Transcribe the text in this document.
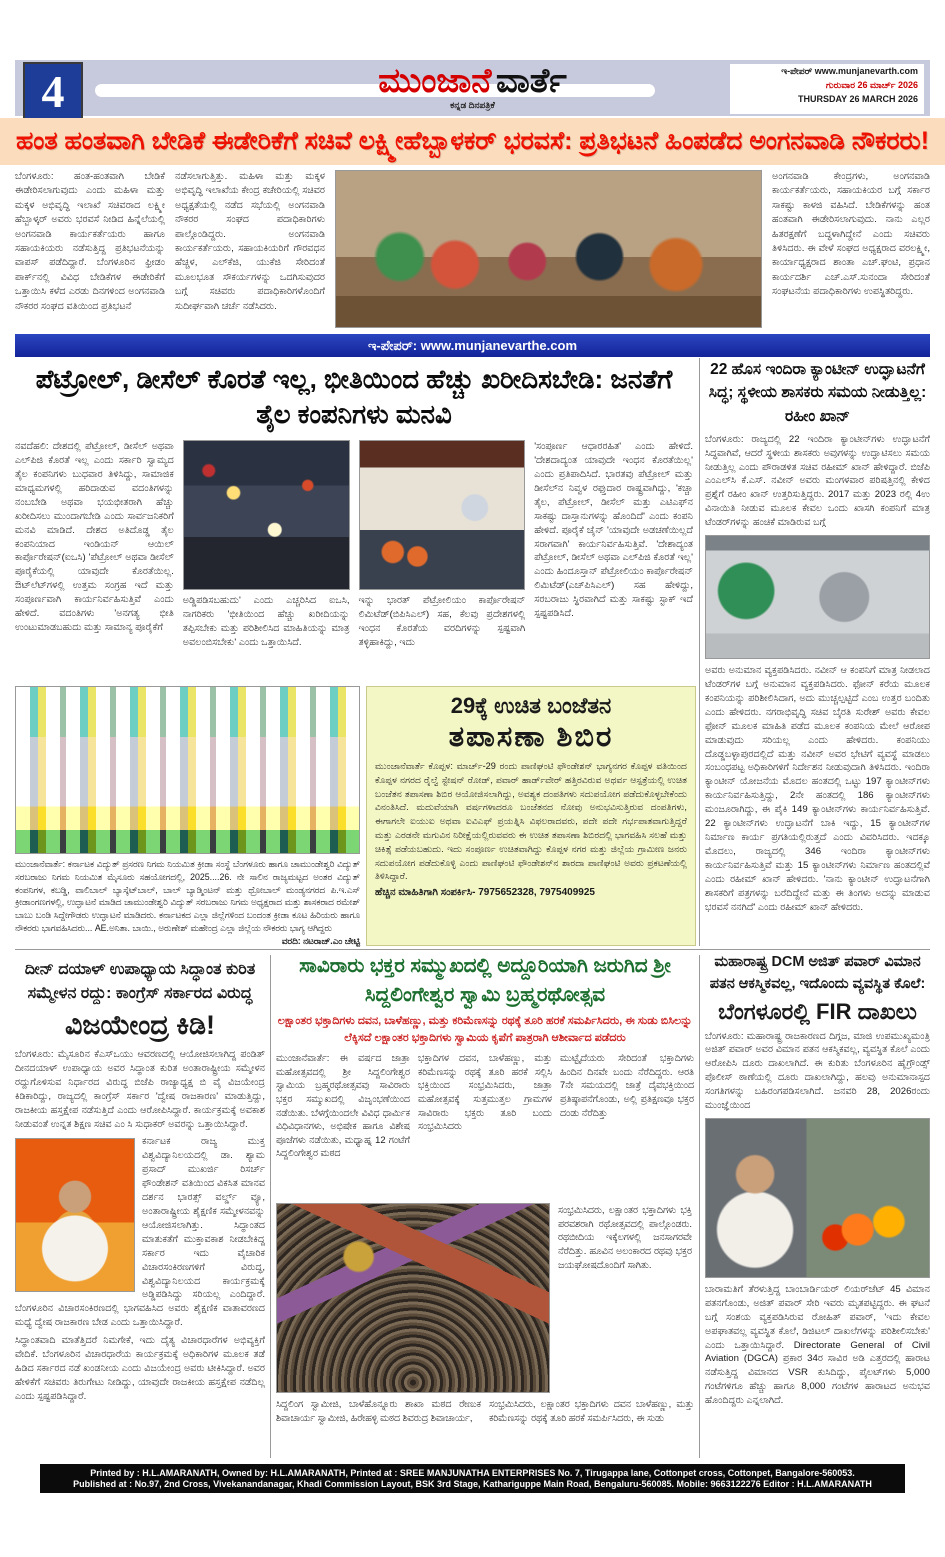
4	ಮುಂಜಾನೆ ವಾರ್ತೆ
ಕನ್ನಡ ದಿನಪತ್ರಿಕೆ
ಇ-ಪೇಪರ್ www.munjanevarth.com
ಗುರುವಾರ 26 ಮಾರ್ಚ್ 2026
THURSDAY 26 MARCH 2026
ಹಂತ ಹಂತವಾಗಿ ಬೇಡಿಕೆ ಈಡೇರಿಕೆಗೆ ಸಚಿವೆ ಲಕ್ಷ್ಮೀಹೆಬ್ಬಾಳಕರ್ ಭರವಸೆ: ಪ್ರತಿಭಟನೆ ಹಿಂಪಡೆದ ಅಂಗನವಾಡಿ ನೌಕರರು!
ಬೆಂಗಳೂರು: ಹಂತ-ಹಂತವಾಗಿ ಬೇಡಿಕೆ ಈಡೇರಿಸಲಾಗುವುದು ಎಂದು ಮಹಿಳಾ ಮತ್ತು ಮಕ್ಕಳ ಅಭಿವೃದ್ಧಿ ಇಲಾಖೆ ಸಚಿವರಾದ ಲಕ್ಷ್ಮೀ ಹೆಬ್ಬಾಳ್ಕರ್ ಅವರು ಭರವಸೆ ನೀಡಿದ ಹಿನ್ನೆಲೆಯಲ್ಲಿ ಅಂಗನವಾಡಿ ಕಾರ್ಯಕರ್ತೆಯರು ಹಾಗೂ ಸಹಾಯಕಿಯರು ನಡೆಸುತ್ತಿದ್ದ ಪ್ರತಿಭಟನೆಯನ್ನು ವಾಪಸ್ ಪಡೆದಿದ್ದಾರೆ. ಬೆಂಗಳೂರಿನ ಫ್ರೀಡಂ ಪಾರ್ಕ್‌ನಲ್ಲಿ ವಿವಿಧ ಬೇಡಿಕೆಗಳ ಈಡೇರಿಕೆಗೆ ಒತ್ತಾಯಿಸಿ ಕಳೆದ ಎರಡು ದಿನಗಳಿಂದ ಅಂಗನವಾಡಿ ನೌಕರರ ಸಂಘದ ವತಿಯಿಂದ ಪ್ರತಿಭಟನೆ
ನಡೆಸಲಾಗುತ್ತಿತ್ತು. ಮಹಿಳಾ ಮತ್ತು ಮಕ್ಕಳ ಅಭಿವೃದ್ಧಿ ಇಲಾಖೆಯ ಕೇಂದ್ರ ಕಚೇರಿಯಲ್ಲಿ ಸಚಿವರ ಅಧ್ಯಕ್ಷತೆಯಲ್ಲಿ ನಡೆದ ಸಭೆಯಲ್ಲಿ ಅಂಗನವಾಡಿ ನೌಕರರ ಸಂಘದ ಪದಾಧಿಕಾರಿಗಳು ಪಾಲ್ಗೊಂಡಿದ್ದರು. ಅಂಗನವಾಡಿ ಕಾರ್ಯಕರ್ತೆಯರು, ಸಹಾಯಕಿಯರಿಗೆ ಗೌರವಧನ ಹೆಚ್ಚಳ, ಎಲ್‌ಕೆಜಿ, ಯುಕೆಜಿ ಸೇರಿದಂತೆ ಮೂಲಭೂತ ಸೌಕರ್ಯಗಳನ್ನು ಒದಗಿಸುವುದರ ಬಗ್ಗೆ ಸಚಿವರು ಪದಾಧಿಕಾರಿಗಳೊಂದಿಗೆ ಸುದೀರ್ಘವಾಗಿ ಚರ್ಚೆ ನಡೆಸಿದರು.
ಅಂಗನವಾಡಿ ಕೇಂದ್ರಗಳು, ಅಂಗನವಾಡಿ ಕಾರ್ಯಕರ್ತೆಯರು, ಸಹಾಯಕಿಯರ ಬಗ್ಗೆ ಸರ್ಕಾರ ಸಾಕಷ್ಟು ಕಾಳಜಿ ವಹಿಸಿದೆ. ಬೇಡಿಕೆಗಳನ್ನು ಹಂತ ಹಂತವಾಗಿ ಈಡೇರಿಸಲಾಗುವುದು. ನಾನು ಎಲ್ಲರ ಹಿತರಕ್ಷಣೆಗೆ ಬದ್ಧಳಾಗಿದ್ದೇನೆ ಎಂದು ಸಚಿವರು ತಿಳಿಸಿದರು. ಈ ವೇಳೆ ಸಂಘದ ಅಧ್ಯಕ್ಷರಾದ ವರಲಕ್ಷ್ಮೀ, ಕಾರ್ಯಾಧ್ಯಕ್ಷರಾದ ಶಾಂತಾ ಎಚ್.ಘಂಟಿ, ಪ್ರಧಾನ ಕಾರ್ಯದರ್ಶಿ ಎಚ್.ಎಸ್.ಸುನಂದಾ ಸೇರಿದಂತೆ ಸಂಘಟನೆಯ ಪದಾಧಿಕಾರಿಗಳು ಉಪಸ್ಥಿತರಿದ್ದರು.
ಇ-ಪೇಪರ್: www.munjanevarthe.com
ಪೆಟ್ರೋಲ್, ಡೀಸೆಲ್ ಕೊರತೆ ಇಲ್ಲ, ಭೀತಿಯಿಂದ ಹೆಚ್ಚು ಖರೀದಿಸಬೇಡಿ: ಜನತೆಗೆ ತೈಲ ಕಂಪನಿಗಳು ಮನವಿ
ನವದೆಹಲಿ: ದೇಶದಲ್ಲಿ ಪೆಟ್ರೋಲ್, ಡೀಸೆಲ್ ಅಥವಾ ಎಲ್‌ಪಿಜಿ ಕೊರತೆ ಇಲ್ಲ ಎಂದು ಸರ್ಕಾರಿ ಸ್ವಾಮ್ಯದ ತೈಲ ಕಂಪನಿಗಳು ಬುಧವಾರ ತಿಳಿಸಿದ್ದು, ಸಾಮಾಜಿಕ ಮಾಧ್ಯಮಗಳಲ್ಲಿ ಹರಿದಾಡುವ ವದಂತಿಗಳನ್ನು ನಂಬಬೇಡಿ ಅಥವಾ ಭಯಭೀತರಾಗಿ ಹೆಚ್ಚು ಖರೀದಿಸಲು ಮುಂದಾಗಬೇಡಿ ಎಂದು ಸಾರ್ವಜನಿಕರಿಗೆ ಮನವಿ ಮಾಡಿದೆ. ದೇಶದ ಅತಿದೊಡ್ಡ ತೈಲ ಕಂಪನಿಯಾದ ಇಂಡಿಯನ್ ಆಯಿಲ್ ಕಾರ್ಪೊರೇಷನ್(ಐಒಸಿ) 'ಪೆಟ್ರೋಲ್ ಅಥವಾ ಡೀಸೆಲ್ ಪೂರೈಕೆಯಲ್ಲಿ ಯಾವುದೇ ಕೊರತೆಯಿಲ್ಲ. ಔಟ್‌ಲೆಟ್‌ಗಳಲ್ಲಿ ಉತ್ತಮ ಸಂಗ್ರಹ ಇದೆ ಮತ್ತು ಸಂಪೂರ್ಣವಾಗಿ ಕಾರ್ಯನಿರ್ವಹಿಸುತ್ತಿವೆ ಎಂದು ಹೇಳಿದೆ. ವದಂತಿಗಳು 'ಅನಗತ್ಯ ಭೀತಿ ಉಂಟುಮಾಡಬಹುದು ಮತ್ತು ಸಾಮಾನ್ಯ ಪೂರೈಕೆಗೆ
ಅಡ್ಡಿಪಡಿಸಬಹುದು' ಎಂದು ಎಚ್ಚರಿಸಿದ ಐಒಸಿ, ನಾಗರಿಕರು 'ಭೀತಿಯಿಂದ ಹೆಚ್ಚು ಖರೀದಿಯನ್ನು ತಪ್ಪಿಸಬೇಕು ಮತ್ತು ಪರಿಶೀಲಿಸಿದ ಮಾಹಿತಿಯನ್ನು ಮಾತ್ರ ಅವಲಂಬಿಸಬೇಕು' ಎಂದು ಒತ್ತಾಯಿಸಿದೆ.
ಇನ್ನು ಭಾರತ್ ಪೆಟ್ರೋಲಿಯಂ ಕಾರ್ಪೊರೇಷನ್ ಲಿಮಿಟೆಡ್(ಬಿಪಿಸಿಎಲ್) ಸಹ, ಕೆಲವು ಪ್ರದೇಶಗಳಲ್ಲಿ ಇಂಧನ ಕೊರತೆಯ ವರದಿಗಳನ್ನು ಸ್ಪಷ್ಟವಾಗಿ ತಳ್ಳಿಹಾಕಿದ್ದು, ಇದು
'ಸಂಪೂರ್ಣ ಆಧಾರರಹಿತ' ಎಂದು ಹೇಳಿದೆ. 'ದೇಶದಾದ್ಯಂತ ಯಾವುದೇ ಇಂಧನ ಕೊರತೆಯಿಲ್ಲ' ಎಂದು ಪ್ರತಿಪಾದಿಸಿದೆ. ಭಾರತವು ಪೆಟ್ರೋಲ್ ಮತ್ತು ಡೀಸೆಲ್‌ನ ನಿವ್ವಳ ರಫ್ತುದಾರ ರಾಷ್ಟ್ರವಾಗಿದ್ದು, 'ಕಚ್ಚಾ ತೈಲ, ಪೆಟ್ರೋಲ್, ಡೀಸೆಲ್ ಮತ್ತು ಎಟಿಎಫ್‌ನ ಸಾಕಷ್ಟು ದಾಸ್ತಾನುಗಳನ್ನು ಹೊಂದಿದೆ' ಎಂದು ಕಂಪನಿ ಹೇಳಿದೆ. ಪೂರೈಕೆ ಚೈನ್ 'ಯಾವುದೇ ಅಡಚಣೆಯಿಲ್ಲದೆ ಸರಾಗವಾಗಿ' ಕಾರ್ಯನಿರ್ವಹಿಸುತ್ತಿವೆ. 'ದೇಶಾದ್ಯಂತ ಪೆಟ್ರೋಲ್, ಡೀಸೆಲ್ ಅಥವಾ ಎಲ್‌ಪಿಜಿ ಕೊರತೆ ಇಲ್ಲ' ಎಂದು ಹಿಂದೂಸ್ತಾನ್ ಪೆಟ್ರೋಲಿಯಂ ಕಾರ್ಪೊರೇಷನ್ ಲಿಮಿಟೆಡ್(ಎಚ್‌ಪಿಸಿಎಲ್) ಸಹ ಹೇಳಿದ್ದು, ಸರಬರಾಜು ಸ್ಥಿರವಾಗಿದೆ ಮತ್ತು ಸಾಕಷ್ಟು ಸ್ಟಾಕ್ ಇದೆ ಸ್ಪಷ್ಟಪಡಿಸಿದೆ.
22 ಹೊಸ ಇಂದಿರಾ ಕ್ಯಾಂಟೀನ್ ಉದ್ಘಾಟನೆಗೆ ಸಿದ್ಧ; ಸ್ಥಳೀಯ ಶಾಸಕರು ಸಮಯ ನೀಡುತ್ತಿಲ್ಲ: ರಹೀಂ ಖಾನ್
ಬೆಂಗಳೂರು: ರಾಜ್ಯದಲ್ಲಿ 22 ಇಂದಿರಾ ಕ್ಯಾಂಟೀನ್‌ಗಳು ಉದ್ಘಾಟನೆಗೆ ಸಿದ್ಧವಾಗಿವೆ, ಆದರೆ ಸ್ಥಳೀಯ ಶಾಸಕರು ಅವುಗಳನ್ನು ಉದ್ಘಾಟಿಸಲು ಸಮಯ ನೀಡುತ್ತಿಲ್ಲ ಎಂದು ಪೌರಾಡಳಿತ ಸಚಿವ ರಹೀಮ್ ಖಾನ್ ಹೇಳಿದ್ದಾರೆ. ಬಿಜೆಪಿ ಎಂಎಲ್‌ಸಿ ಕೆ.ಎಸ್. ನವೀನ್ ಅವರು ಮಂಗಳವಾರ ಪರಿಷತ್ತಿನಲ್ಲಿ ಕೇಳಿದ ಪ್ರಶ್ನೆಗೆ ರಹೀಂ ಖಾನ್ ಉತ್ತರಿಸುತ್ತಿದ್ದರು. 2017 ಮತ್ತು 2023 ರಲ್ಲಿ 4ಉ ವಿನಾಯಿತಿ ನೀಡುವ ಮೂಲಕ ಕೇವಲ ಒಂದು ಖಾಸಗಿ ಕಂಪನಿಗೆ ಮಾತ್ರ ಟೆಂಡರ್‌ಗಳನ್ನು ಹಂಚಿಕೆ ಮಾಡಿರುವ ಬಗ್ಗೆ
ಅವರು ಅನುಮಾನ ವ್ಯಕ್ತಪಡಿಸಿದರು. ನವೀನ್ ಆ ಕಂಪನಿಗೆ ಮಾತ್ರ ನೀಡಲಾದ ಟೆಂಡರ್‌ಗಳ ಬಗ್ಗೆ ಅನುಮಾನ ವ್ಯಕ್ತಪಡಿಸಿದರು. ಫೋನ್ ಕರೆಯ ಮೂಲಕ ಕಂಪನಿಯನ್ನು ಪರಿಶೀಲಿಸಿದಾಗ, ಅದು ಮುಚ್ಚಲ್ಪಟ್ಟಿದೆ ಎಂಬ ಉತ್ತರ ಬಂದಿತು ಎಂದು ಹೇಳಿದರು. ನಗರಾಭಿವೃದ್ಧಿ ಸಚಿವ ಬೈರತಿ ಸುರೇಶ್ ಅವರು ಕೇವಲ ಫೋನ್ ಮೂಲಕ ಮಾಹಿತಿ ಪಡೆದ ಮೂಲಕ ಕಂಪನಿಯ ಮೇಲೆ ಆರೋಪ ಮಾಡುವುದು ಸರಿಯಲ್ಲ ಎಂದು ಹೇಳಿದರು. ಕಂಪನಿಯು ದೊಡ್ಡಬಳ್ಳಾಪುರದಲ್ಲಿದೆ ಮತ್ತು ನವೀನ್ ಅವರ ಭೇಟಿಗೆ ವ್ಯವಸ್ಥೆ ಮಾಡಲು ಸಂಬಂಧಪಟ್ಟ ಅಧಿಕಾರಿಗಳಿಗೆ ನಿರ್ದೇಶನ ನೀಡುವುದಾಗಿ ತಿಳಿಸಿದರು. ಇಂದಿರಾ ಕ್ಯಾಂಟೀನ್ ಯೋಜನೆಯ ಮೊದಲ ಹಂತದಲ್ಲಿ ಒಟ್ಟು 197 ಕ್ಯಾಂಟೀನ್‌ಗಳು ಕಾರ್ಯನಿರ್ವಹಿಸುತ್ತಿದ್ದು, 2ನೇ ಹಂತದಲ್ಲಿ 186 ಕ್ಯಾಂಟೀನ್‌ಗಳು ಮಂಜೂರಾಗಿದ್ದು, ಈ ಪೈಕಿ 149 ಕ್ಯಾಂಟೀನ್‌ಗಳು ಕಾರ್ಯನಿರ್ವಹಿಸುತ್ತಿವೆ. 22 ಕ್ಯಾಂಟೀನ್‌ಗಳು ಉದ್ಘಾಟನೆಗೆ ಬಾಕಿ ಇದ್ದು, 15 ಕ್ಯಾಂಟೀನ್‌ಗಳ ನಿರ್ಮಾಣ ಕಾರ್ಯ ಪ್ರಗತಿಯಲ್ಲಿರುತ್ತದೆ ಎಂದು ವಿವರಿಸಿದರು. ಇದಕ್ಕೂ ಮೊದಲು, ರಾಜ್ಯದಲ್ಲಿ 346 ಇಂದಿರಾ ಕ್ಯಾಂಟೀನ್‌ಗಳು ಕಾರ್ಯನಿರ್ವಹಿಸುತ್ತಿವೆ ಮತ್ತು 15 ಕ್ಯಾಂಟೀನ್‌ಗಳು ನಿರ್ಮಾಣ ಹಂತದಲ್ಲಿವೆ ಎಂದು ರಹೀಮ್ ಖಾನ್ ಹೇಳಿದರು. 'ನಾನು ಕ್ಯಾಂಟೀನ್ ಉದ್ಘಾಟನೆಗಾಗಿ ಶಾಸಕರಿಗೆ ಪತ್ರಗಳನ್ನು ಬರೆದಿದ್ದೇನೆ ಮತ್ತು ಈ ತಿಂಗಳು ಅದನ್ನು ಮಾಡುವ ಭರವಸೆ ನನಗಿದೆ' ಎಂದು ರಹೀಮ್ ಖಾನ್ ಹೇಳಿದರು.
ಮುಂಜಾನೆವಾರ್ತೆ: ಕರ್ನಾಟಕ ವಿದ್ಯುತ್ ಪ್ರಸರಣ ನಿಗಮ ನಿಯಮಿತ ಕ್ರೀಡಾ ಸಂಸ್ಥೆ ಬೆಂಗಳೂರು ಹಾಗೂ ಚಾಮುಂಡೇಶ್ವರಿ ವಿದ್ಯುತ್ ಸರಬರಾಜು ನಿಗಮ ನಿಯಮಿತ ಮೈಸೂರು ಸಹಯೋಗದಲ್ಲಿ, 2025....26. ನೇ ಸಾಲಿನ ರಾಜ್ಯಮಟ್ಟದ ಅಂತರ ವಿದ್ಯುತ್ ಕಂಪನಿಗಳ, ಕಬಡ್ಡಿ, ವಾಲಿಬಾಲ್ ಬ್ಯಾಸ್ಕೆಟ್‌ಬಾಲ್, ಬಾಲ್ ಬ್ಯಾಡ್ಮಿಂಟನ್ ಮತ್ತು ಥ್ರೋಬಾಲ್ ಮಂಡ್ಯನಗರದ ಪಿ.ಇ.ಎಸ್ ಕ್ರೀಡಾಂಗಣಗಳಲ್ಲಿ, ಉದ್ಘಾಟನೆ ಮಾಡಿದ ಚಾಮುಂಡೇಶ್ವರಿ ವಿದ್ಯುತ್ ಸರಬರಾಜು ನಿಗಮ ಅಧ್ಯಕ್ಷರಾದ ಮತ್ತು ಶಾಸಕರಾದ ರಮೇಶ್ ಬಾಬು ಬಂಡಿ ಸಿದ್ದೇಗೌಡರು ಉದ್ಘಾಟನೆ ಮಾಡಿದರು. ಕರ್ನಾಟಕದ ಎಲ್ಲಾ ಜಿಲ್ಲೆಗಳಿಂದ ಬಂದಂತ ಕ್ರೀಡಾ ಕೂಟ ಹಿರಿಯರು ಹಾಗೂ ನೌಕರರು ಭಾಗವಹಿಸಿದರು... AE.ಅನಿತಾ. ಬಾಯಿ., ಅರುಣೇಶ್ ಮಹೇಂದ್ರ ಎಲ್ಲಾ ಜಿಲ್ಲೆಯ ನೌಕರರು ಭಾಗ್ಯ ಆಗಿದ್ದರು
ವರದಿ: ನಟರಾಜ್.ಎಂ ಚೇಟ್ಟಿ
29ಕ್ಕೆ ಉಚಿತ ಬಂಜೆತನ
ತಪಾಸಣಾ ಶಿಬಿರ
ಮುಂಜಾನೆವಾರ್ತೆ ಕೊಪ್ಪಳ: ಮಾರ್ಚ್-29 ರಂದು ಪಾಣಿಘಂಟಿ ಫೌಂಡೇಶನ್ ಭಾಗ್ಯನಗರ ಕೊಪ್ಪಳ ವತಿಯಿಂದ ಕೊಪ್ಪಳ ನಗರದ ರೈಲ್ವೆ ಸ್ಟೇಷನ್ ರೋಡ್, ಪವಾರ್ ಹಾರ್ಡ್‌ವೇರ್ ಹತ್ತಿರವಿರುವ ಅಥರ್ವ ಆಸ್ಪತ್ರೆಯಲ್ಲಿ ಉಚಿತ ಬಂಜೆತನ ತಪಾಸಣಾ ಶಿಬಿರ ಆಯೋಜಿಸಲಾಗಿದ್ದು, ಅವಶ್ಯಕ ದಂಪತಿಗಳು ಸದುಪಯೋಗ ಪಡೆದುಕೊಳ್ಳಬೇಕೆಂದು ವಿನಂತಿಸಿದೆ. ಮದುವೆಯಾಗಿ ವರ್ಷಗಳಾದರೂ ಬಂಜೆತನದ ನೋವು ಅನುಭವಿಸುತ್ತಿರುವ ದಂಪತಿಗಳು, ಈಗಾಗಲೇ ಐಯುಐ ಅಥವಾ ಐವಿಎಫ್ ಪ್ರಯತ್ನಿಸಿ ವಿಫಲರಾದವರು, ಪದೇ ಪದೇ ಗರ್ಭಪಾತವಾಗುತ್ತಿದ್ದರೆ ಮತ್ತು ಎರಡನೇ ಮಗುವಿನ ನಿರೀಕ್ಷೆಯಲ್ಲಿರುವವರು ಈ ಉಚಿತ ತಪಾಸಣಾ ಶಿಬಿರದಲ್ಲಿ ಭಾಗವಹಿಸಿ ಸಲಹೆ ಮತ್ತು ಚಿಕಿತ್ಸೆ ಪಡೆಯಬಹುದು. ಇದು ಸಂಪೂರ್ಣ ಉಚಿತವಾಗಿದ್ದು ಕೊಪ್ಪಳ ನಗರ ಮತ್ತು ಜಿಲ್ಲೆಯ ಗ್ರಾಮೀಣ ಜನರು ಸದುಪಯೋಗ ಪಡೆದುಕೊಳ್ಳಿ ಎಂದು ಪಾಣಿಘಂಟಿ ಫೌಂಡೇಶನ್‌ನ ಶಾರದಾ ಪಾಣಿಘಂಟಿ ಅವರು ಪ್ರಕಟಣೆಯಲ್ಲಿ ತಿಳಿಸಿದ್ದಾರೆ.
ಹೆಚ್ಚಿನ ಮಾಹಿತಿಗಾಗಿ ಸಂಪರ್ಕಿಸಿ- 7975652328, 7975409925
ದೀನ್ ದಯಾಳ್ ಉಪಾಧ್ಯಾಯ ಸಿದ್ಧಾಂತ ಕುರಿತ ಸಮ್ಮೇಳನ ರದ್ದು: ಕಾಂಗ್ರೆಸ್ ಸರ್ಕಾರದ ವಿರುದ್ಧ
ವಿಜಯೇಂದ್ರ ಕಿಡಿ!
ಬೆಂಗಳೂರು: ಮೈಸೂರಿನ ಕೆಎಸ್‌ಒಯು ಆವರಣದಲ್ಲಿ ಆಯೋಜಿಸಲಾಗಿದ್ದ ಪಂಡಿತ್ ದೀನದಯಾಳ್ ಉಪಾಧ್ಯಾಯ ಅವರ ಸಿದ್ಧಾಂತ ಕುರಿತ ಅಂತಾರಾಷ್ಟ್ರೀಯ ಸಮ್ಮೇಳನ ರದ್ದುಗೊಳಿಸುವ ನಿರ್ಧಾರದ ವಿರುದ್ಧ ಬಿಜೆಪಿ ರಾಜ್ಯಾಧ್ಯಕ್ಷ ಬಿ ವೈ ವಿಜಯೇಂದ್ರ ಕಿಡಿಕಾರಿದ್ದು, ರಾಜ್ಯದಲ್ಲಿ ಕಾಂಗ್ರೆಸ್ ಸರ್ಕಾರ 'ದ್ವೇಷ ರಾಜಕಾರಣ' ಮಾಡುತ್ತಿದ್ದು, ರಾಜಕೀಯ ಹಸ್ತಕ್ಷೇಪ ನಡೆಸುತ್ತಿದೆ ಎಂದು ಆರೋಪಿಸಿದ್ದಾರೆ. ಕಾರ್ಯಕ್ರಮಕ್ಕೆ ಅವಕಾಶ ನೀಡುವಂತೆ ಉನ್ನತ ಶಿಕ್ಷಣ ಸಚಿವ ಎಂ ಸಿ ಸುಧಾಕರ್ ಅವರನ್ನು ಒತ್ತಾಯಿಸಿದ್ದಾರೆ.
ಕರ್ನಾಟಕ ರಾಜ್ಯ ಮುಕ್ತ ವಿಶ್ವವಿದ್ಯಾನಿಲಯದಲ್ಲಿ ಡಾ. ಶ್ಯಾಮ ಪ್ರಸಾದ್ ಮುಖರ್ಜಿ ರಿಸರ್ಚ್ ಫೌಂಡೇಶನ್ ವತಿಯಿಂದ ವಿಕಸಿತ ಮಾನವ ದರ್ಶನ ಭಾರತ್ಸ್ ವರ್ಲ್ಡ್ ವ್ಯೂ, ಅಂತಾರಾಷ್ಟ್ರೀಯ ಶೈಕ್ಷಣಿಕ ಸಮ್ಮೇಳನವನ್ನು ಆಯೋಜಿಸಲಾಗಿತ್ತು.	ಸಿದ್ಧಾಂತದ ಮಾತುಕತೆಗೆ ಮುಕ್ತಾವಕಾಶ ನೀಡಬೇಕಿದ್ದ ಸರ್ಕಾರ ಇದು ವೈಚಾರಿಕ ವಿಚಾರಸಂಕಿರಣಗಳಿಗೆ ವಿರುದ್ಧ, ವಿಶ್ವವಿದ್ಯಾನಿಲಯದ ಕಾರ್ಯಕ್ರಮಕ್ಕೆ ಅಡ್ಡಿಪಡಿಸಿದ್ದು ಸರಿಯಲ್ಲ ಎಂದಿದ್ದಾರೆ. ಬೆಂಗಳೂರಿನ ವಿಚಾರಸಂಕಿರಣದಲ್ಲಿ ಭಾಗವಹಿಸಿದ ಅವರು ಶೈಕ್ಷಣಿಕ ವಾತಾವರಣದ ಮಧ್ಯೆ ದ್ವೇಷ ರಾಜಕಾರಣ ಬೇಡ ಎಂದು ಒತ್ತಾಯಿಸಿದ್ದಾರೆ.
ಸಿದ್ಧಾಂತವಾದಿ ಮಾತೆತ್ತಿದರೆ ನಿಮಗೇಕೆ, ಇದು ದೈತ್ಯ ವಿಚಾರಧಾರೆಗಳ ಅಭಿವ್ಯಕ್ತಿಗೆ ವೇದಿಕೆ. ಬೆಂಗಳೂರಿನ ವಿಚಾರಧಾರೆಯ ಕಾರ್ಯಕ್ರಮಕ್ಕೆ ಅಧಿಕಾರಿಗಳ ಮೂಲಕ ತಡೆ ಹಿಡಿದ ಸರ್ಕಾರದ ನಡೆ ಖಂಡನೀಯ ಎಂದು ವಿಜಯೇಂದ್ರ ಅವರು ಟೀಕಿಸಿದ್ದಾರೆ. ಅವರ ಹೇಳಿಕೆಗೆ ಸಚಿವರು ತಿರುಗೇಟು ನೀಡಿದ್ದು, ಯಾವುದೇ ರಾಜಕೀಯ ಹಸ್ತಕ್ಷೇಪ ನಡೆದಿಲ್ಲ ಎಂದು ಸ್ಪಷ್ಟಪಡಿಸಿದ್ದಾರೆ.
ಸಾವಿರಾರು ಭಕ್ತರ ಸಮ್ಮುಖದಲ್ಲಿ ಅದ್ದೂರಿಯಾಗಿ ಜರುಗಿದ ಶ್ರೀ ಸಿದ್ದಲಿಂಗೇಶ್ವರ ಸ್ವಾಮಿ ಬ್ರಹ್ಮರಥೋತ್ಸವ
ಲಕ್ಷಾಂತರ ಭಕ್ತಾದಿಗಳು ದವನ, ಬಾಳೆಹಣ್ಣು, ಮತ್ತು ಕರಿಮೆಣಸನ್ನು ರಥಕ್ಕೆ ತೂರಿ ಹರಕೆ ಸಮರ್ಪಿಸಿದರು, ಈ ಸುಡು ಬಿಸಿಲನ್ನು ಲೆಕ್ಕಿಸದೆ ಲಕ್ಷಾಂತರ ಭಕ್ತಾದಿಗಳು ಸ್ವಾಮಿಯ ಕೃಪೆಗೆ ಪಾತ್ರರಾಗಿ ಆಶೀರ್ವಾದ ಪಡೆದರು
ಮುಂಜಾನೆವಾರ್ತೆ: ಈ ವರ್ಷದ ಜಾತ್ರಾ ಮಹೋತ್ಸವದಲ್ಲಿ ಶ್ರೀ ಸಿದ್ದಲಿಂಗೇಶ್ವರ ಸ್ವಾಮಿಯ ಬ್ರಹ್ಮರಥೋತ್ಸವವು ಸಾವಿರಾರು ಭಕ್ತರ ಸಮ್ಮುಖದಲ್ಲಿ ವಿಜೃಂಭಣೆಯಿಂದ ನಡೆಯಿತು. ಬೆಳಗ್ಗೆಯಿಂದಲೇ ವಿವಿಧ ಧಾರ್ಮಿಕ ವಿಧಿವಿಧಾನಗಳು, ಅಭಿಷೇಕ ಹಾಗೂ ವಿಶೇಷ ಪೂಜೆಗಳು ನಡೆಯಿತು, ಮಧ್ಯಾಹ್ನ 12 ಗಂಟೆಗೆ ಸಿದ್ದಲಿಂಗೇಶ್ವರ ಮಠದ
ಭಕ್ತಾದಿಗಳ ದವನ, ಬಾಳೆಹಣ್ಣು, ಮತ್ತು ಕರಿಮೆಣಸನ್ನು ರಥಕ್ಕೆ ತೂರಿ ಹರಕೆ ಸಲ್ಲಿಸಿ ಭಕ್ತಿಯಿಂದ ಸಂಭ್ರಮಿಸಿದರು, ಜಾತ್ರಾ ಮಹೋತ್ಸವಕ್ಕೆ ಸುತ್ತಮುತ್ತಲ ಗ್ರಾಮಗಳ ಸಾವಿರಾರು ಭಕ್ತರು ತೂರಿ ಬಂದು ಸಂಭ್ರಮಿಸಿದರು
ಮುಟ್ಟೈದೆಯರು ಸೇರಿದಂತೆ ಭಕ್ತಾದಿಗಳು ಹಿಂದಿನ ದಿನವೇ ಬಂದು ನೆರೆದಿದ್ದರು. ಆರತಿ 7ನೇ ಸಮಯದಲ್ಲಿ ಜಾತ್ರೆ ದೈವಭಕ್ತಿಯಿಂದ ಪ್ರತಿಷ್ಠಾಪನೆಗೊಂಡು, ಅಲ್ಲಿ ಪ್ರತಿಕ್ಷಣವೂ ಭಕ್ತರ ದಂಡು ನೆರೆದಿತ್ತು
ಸಂಭ್ರಮಿಸಿದರು, ಲಕ್ಷಾಂತರ ಭಕ್ತಾದಿಗಳು ಭಕ್ತಿ ಪರವಶರಾಗಿ ರಥೋತ್ಸವದಲ್ಲಿ ಪಾಲ್ಗೊಂಡರು. ರಥಬೀದಿಯ ಇಕ್ಕೆಲಗಳಲ್ಲಿ ಜನಸಾಗರವೇ ನೆರೆದಿತ್ತು. ಹೂವಿನ ಅಲಂಕಾರದ ರಥವು ಭಕ್ತರ ಜಯಘೋಷದೊಂದಿಗೆ ಸಾಗಿತು.
ಸಿದ್ದಲಿಂಗ ಸ್ವಾಮೀಜಿ, ಬಾಳೆಹೊನ್ನೂರು ಶಾಖಾ ಮಠದ ರೇಣುಕ ಶಿವಾಚಾರ್ಯ ಸ್ವಾಮೀಜಿ, ಹಿರೇಹಳ್ಳಿ ಮಠದ ಶಿವರುದ್ರ ಶಿವಾಚಾರ್ಯ,
ಸಂಭ್ರಮಿಸಿದರು, ಲಕ್ಷಾಂತರ ಭಕ್ತಾದಿಗಳು ದವನ ಬಾಳೆಹಣ್ಣು, ಮತ್ತು ಕರಿಮೆಣಸನ್ನು ರಥಕ್ಕೆ ತೂರಿ ಹರಕೆ ಸಮರ್ಪಿಸಿದರು, ಈ ಸುಡು
ಮಹಾರಾಷ್ಟ್ರ DCM ಅಜಿತ್ ಪವಾರ್ ವಿಮಾನ ಪತನ ಆಕಸ್ಮಿಕವಲ್ಲ, ಇದೊಂದು ವ್ಯವಸ್ಥಿತ ಕೊಲೆ:
ಬೆಂಗಳೂರಲ್ಲಿ FIR ದಾಖಲು
ಬೆಂಗಳೂರು: ಮಹಾರಾಷ್ಟ್ರ ರಾಜಕಾರಣದ ದಿಗ್ಗಜ, ಮಾಜಿ ಉಪಮುಖ್ಯಮಂತ್ರಿ ಅಜಿತ್ ಪವಾರ್ ಅವರ ವಿಮಾನ ಪತನ ಆಕಸ್ಮಿಕವಲ್ಲ, ವ್ಯವಸ್ಥಿತ ಕೊಲೆ ಎಂದು ಆರೋಪಿಸಿ ದೂರು ದಾಖಲಾಗಿದೆ. ಈ ಕುರಿತು ಬೆಂಗಳೂರಿನ ಹೈಗ್ರೌಂಡ್ಸ್ ಪೊಲೀಸ್ ಠಾಣೆಯಲ್ಲಿ ದೂರು ದಾಖಲಾಗಿದ್ದು, ಹಲವು ಅನುಮಾನಾಸ್ಪದ ಸಂಗತಿಗಳನ್ನು ಬಹಿರಂಗಪಡಿಸಲಾಗಿದೆ. ಜನವರಿ 28, 2026ರಂದು ಮುಂಜ್ಞೆಯಿಂದ
ಬಾರಾಮತಿಗೆ ತೆರಳುತ್ತಿದ್ದ ಬಾಂಬಾರ್ಡಿಯರ್ ಲಿಯರ್‌ಜೆಟ್ 45 ವಿಮಾನ ಪತನಗೊಂಡು, ಅಜಿತ್ ಪವಾರ್ ಸೇರಿ ಇವರು ಮೃತಪಟ್ಟಿದ್ದರು. ಈ ಘಟನೆ ಬಗ್ಗೆ ಸಂಶಯ ವ್ಯಕ್ತಪಡಿಸಿರುವ ರೋಹಿತ್ ಪವಾರ್, 'ಇದು ಕೇವಲ ಅಪಘಾತವಲ್ಲ ವ್ಯವಸ್ಥಿತ ಕೊಲೆ, ಡಿಜಿಟಲ್ ದಾಖಲೆಗಳನ್ನು ಪರಿಶೀಲಿಸಬೇಕು' ಎಂದು ಒತ್ತಾಯಿಸಿದ್ದಾರೆ. Directorate General of Civil Aviation (DGCA) ಪ್ರಕಾರ 34ರ ಸಾವಿರ ಅಡಿ ಎತ್ತರದಲ್ಲಿ ಹಾರಾಟ ನಡೆಸುತ್ತಿದ್ದ ವಿಮಾನದ VSR ಕುಸಿದಿದ್ದು, ಪೈಲಟ್‌ಗಳು 5,000 ಗಂಟೆಗಳಿಗೂ ಹೆಚ್ಚು ಹಾಗೂ 8,000 ಗಂಟೆಗಳ ಹಾರಾಟದ ಅನುಭವ ಹೊಂದಿದ್ದರು ಎನ್ನಲಾಗಿದೆ.
Printed by : H.L.AMARANATH, Owned by: H.L.AMARANATH, Printed at : SREE MANJUNATHA ENTERPRISES No. 7, Tirugappa lane, Cottonpet cross, Cottonpet, Bangalore-560053.
Published at : No.97, 2nd Cross, Vivekanandanagar, Khadi Commission Layout, BSK 3rd Stage, Kathariguppe Main Road, Bengaluru-560085. Mobile: 9663122276 Editor : H.L.AMARANATH
